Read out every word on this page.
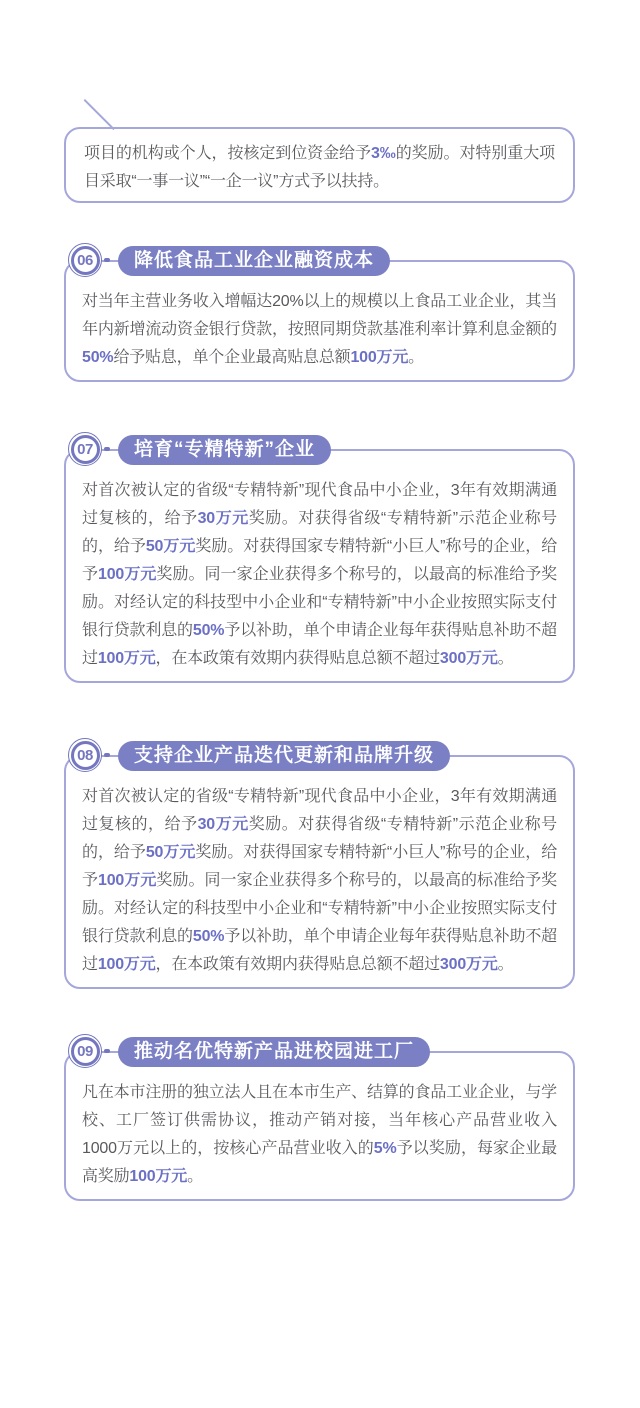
项目的机构或个人，按核定到位资金给予3‰的奖励。对特别重大项目采取“一事一议”“一企一议”方式予以扶持。

06	降低食品工业企业融资成本

对当年主营业务收入增幅达20%以上的规模以上食品工业企业，其当年内新增流动资金银行贷款，按照同期贷款基准利率计算利息金额的50%给予贴息，单个企业最高贴息总额100万元。

07	培育“专精特新”企业

对首次被认定的省级“专精特新”现代食品中小企业，3年有效期满通过复核的，给予30万元奖励。对获得省级“专精特新”示范企业称号的，给予50万元奖励。对获得国家专精特新“小巨人”称号的企业，给予100万元奖励。同一家企业获得多个称号的，以最高的标准给予奖励。对经认定的科技型中小企业和“专精特新”中小企业按照实际支付银行贷款利息的50%予以补助，单个申请企业每年获得贴息补助不超过100万元，在本政策有效期内获得贴息总额不超过300万元。

08	支持企业产品迭代更新和品牌升级

对首次被认定的省级“专精特新”现代食品中小企业，3年有效期满通过复核的，给予30万元奖励。对获得省级“专精特新”示范企业称号的，给予50万元奖励。对获得国家专精特新“小巨人”称号的企业，给予100万元奖励。同一家企业获得多个称号的，以最高的标准给予奖励。对经认定的科技型中小企业和“专精特新”中小企业按照实际支付银行贷款利息的50%予以补助，单个申请企业每年获得贴息补助不超过100万元，在本政策有效期内获得贴息总额不超过300万元。

09	推动名优特新产品进校园进工厂

凡在本市注册的独立法人且在本市生产、结算的食品工业企业，与学校、工厂签订供需协议，推动产销对接，当年核心产品营业收入1000万元以上的，按核心产品营业收入的5%予以奖励，每家企业最高奖励100万元。
